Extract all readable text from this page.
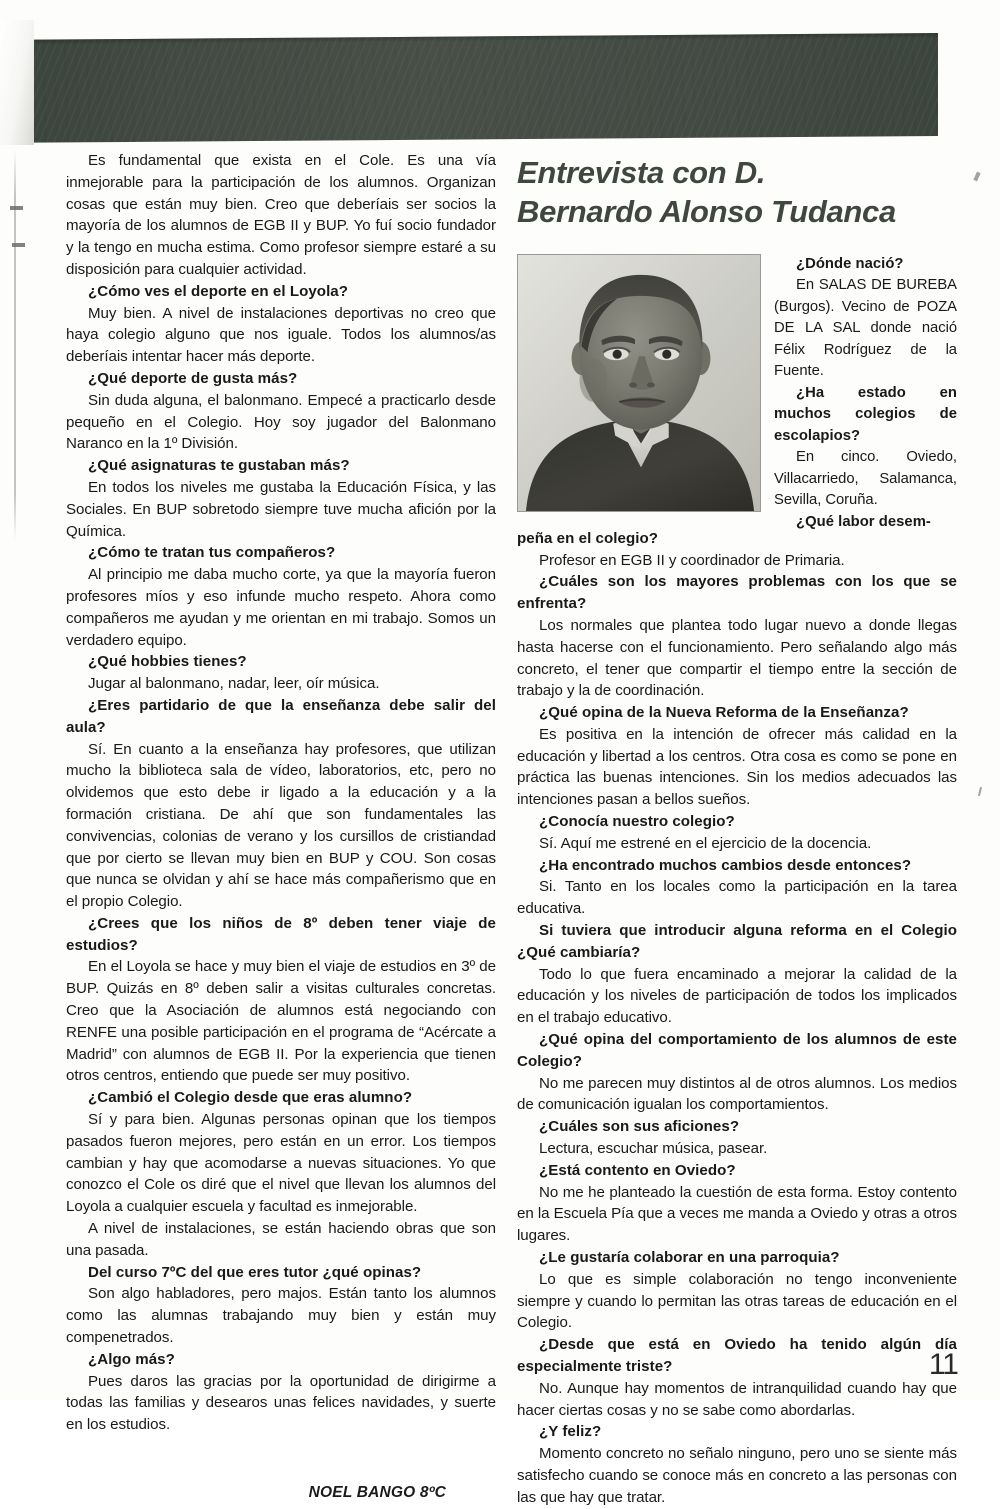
Es fundamental que exista en el Cole. Es una vía inmejorable para la participación de los alumnos. Organizan cosas que están muy bien. Creo que deberíais ser socios la mayoría de los alumnos de EGB II y BUP. Yo fuí socio fundador y la tengo en mucha estima. Como profesor siempre estaré a su disposición para cualquier actividad.

¿Cómo ves el deporte en el Loyola?

Muy bien. A nivel de instalaciones deportivas no creo que haya colegio alguno que nos iguale. Todos los alumnos/as deberíais intentar hacer más deporte.

¿Qué deporte de gusta más?

Sin duda alguna, el balonmano. Empecé a practicarlo desde pequeño en el Colegio. Hoy soy jugador del Balonmano Naranco en la 1º División.

¿Qué asignaturas te gustaban más?

En todos los niveles me gustaba la Educación Física, y las Sociales. En BUP sobretodo siempre tuve mucha afición por la Química.

¿Cómo te tratan tus compañeros?

Al principio me daba mucho corte, ya que la mayoría fueron profesores míos y eso infunde mucho respeto. Ahora como compañeros me ayudan y me orientan en mi trabajo. Somos un verdadero equipo.

¿Qué hobbies tienes?

Jugar al balonmano, nadar, leer, oír música.

¿Eres partidario de que la enseñanza debe salir del aula?

Sí. En cuanto a la enseñanza hay profesores, que utilizan mucho la biblioteca sala de vídeo, laboratorios, etc, pero no olvidemos que esto debe ir ligado a la educación y a la formación cristiana. De ahí que son fundamentales las convivencias, colonias de verano y los cursillos de cristiandad que por cierto se llevan muy bien en BUP y COU. Son cosas que nunca se olvidan y ahí se hace más compañerismo que en el propio Colegio.

¿Crees que los niños de 8º deben tener viaje de estudios?

En el Loyola se hace y muy bien el viaje de estudios en 3º de BUP. Quizás en 8º deben salir a visitas culturales concretas. Creo que la Asociación de alumnos está negociando con RENFE una posible participación en el programa de “Acércate a Madrid” con alumnos de EGB II. Por la experiencia que tienen otros centros, entiendo que puede ser muy positivo.

¿Cambió el Colegio desde que eras alumno?

Sí y para bien. Algunas personas opinan que los tiempos pasados fueron mejores, pero están en un error. Los tiempos cambian y hay que acomodarse a nuevas situaciones. Yo que conozco el Cole os diré que el nivel que llevan los alumnos del Loyola a cualquier escuela y facultad es inmejorable.

A nivel de instalaciones, se están haciendo obras que son una pasada.

Del curso 7ºC del que eres tutor ¿qué opinas?

Son algo habladores, pero majos. Están tanto los alumnos como las alumnas trabajando muy bien y están muy compenetrados.

¿Algo más?

Pues daros las gracias por la oportunidad de dirigirme a todas las familias y desearos unas felices navidades, y suerte en los estudios.

NOEL BANGO 8ºC
Entrevista con D.
Bernardo Alonso Tudanca

¿Dónde nació?

En SALAS DE BUREBA (Burgos). Vecino de POZA DE LA SAL donde nació Félix Rodríguez de la Fuente.

¿Ha estado en muchos colegios de escolapios?

En cinco. Oviedo, Villacarriedo, Salamanca, Sevilla, Coruña.

¿Qué labor desem-

peña en el colegio?

Profesor en EGB II y coordinador de Primaria.

¿Cuáles son los mayores problemas con los que se enfrenta?

Los normales que plantea todo lugar nuevo a donde llegas hasta hacerse con el funcionamiento. Pero señalando algo más concreto, el tener que compartir el tiempo entre la sección de trabajo y la de coordinación.

¿Qué opina de la Nueva Reforma de la Enseñanza?

Es positiva en la intención de ofrecer más calidad en la educación y libertad a los centros. Otra cosa es como se pone en práctica las buenas intenciones. Sin los medios adecuados las intenciones pasan a bellos sueños.

¿Conocía nuestro colegio?

Sí. Aquí me estrené en el ejercicio de la docencia.

¿Ha encontrado muchos cambios desde entonces?

Si. Tanto en los locales como la participación en la tarea educativa.

Si tuviera que introducir alguna reforma en el Colegio ¿Qué cambiaría?

Todo lo que fuera encaminado a mejorar la calidad de la educación y los niveles de participación de todos los implicados en el trabajo educativo.

¿Qué opina del comportamiento de los alumnos de este Colegio?

No me parecen muy distintos al de otros alumnos. Los medios de comunicación igualan los comportamientos.

¿Cuáles son sus aficiones?

Lectura, escuchar música, pasear.

¿Está contento en Oviedo?

No me he planteado la cuestión de esta forma. Estoy contento en la Escuela Pía que a veces me manda a Oviedo y otras a otros lugares.

¿Le gustaría colaborar en una parroquia?

Lo que es simple colaboración no tengo inconveniente siempre y cuando lo permitan las otras tareas de educación en el Colegio.

¿Desde que está en Oviedo ha tenido algún día especialmente triste?

No. Aunque hay momentos de intranquilidad cuando hay que hacer ciertas cosas y no se sabe como abordarlas.

¿Y feliz?

Momento concreto no señalo ninguno, pero uno se siente más satisfecho cuando se conoce más en concreto a las personas con las que hay que tratar.

11
